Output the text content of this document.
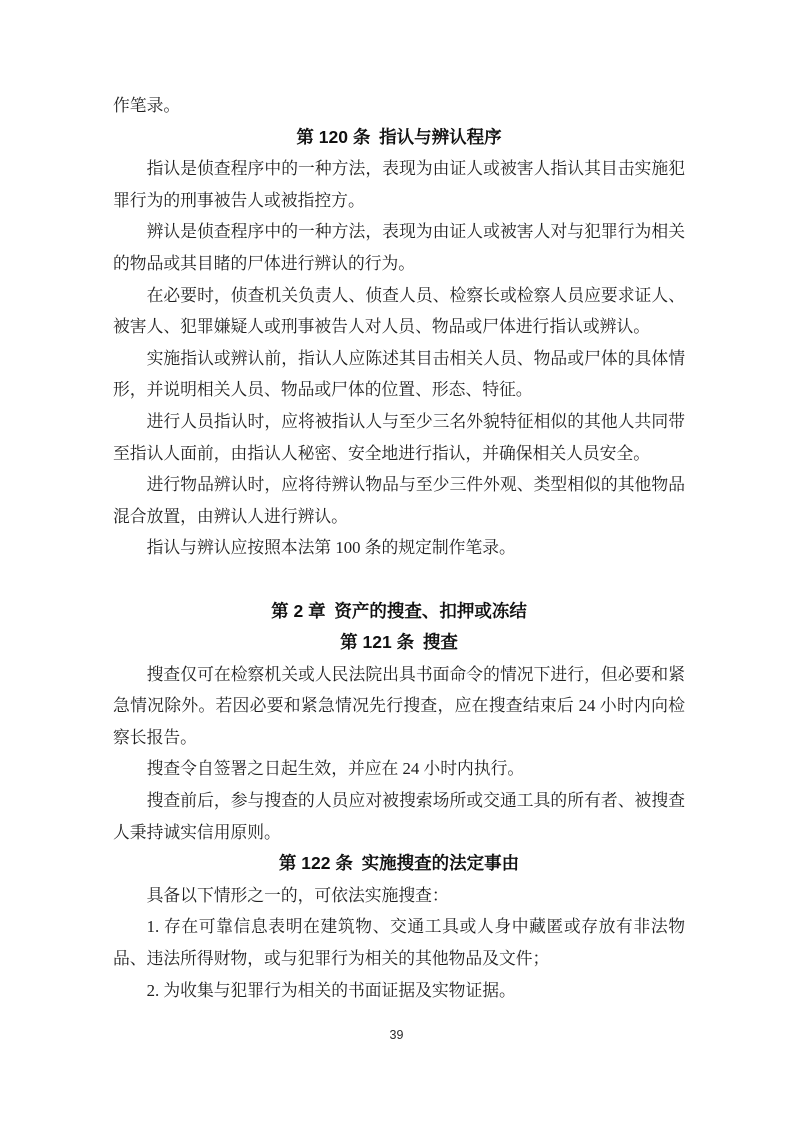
作笔录。

第 120 条 指认与辨认程序

指认是侦查程序中的一种方法，表现为由证人或被害人指认其目击实施犯罪行为的刑事被告人或被指控方。

辨认是侦查程序中的一种方法，表现为由证人或被害人对与犯罪行为相关的物品或其目睹的尸体进行辨认的行为。

在必要时，侦查机关负责人、侦查人员、检察长或检察人员应要求证人、被害人、犯罪嫌疑人或刑事被告人对人员、物品或尸体进行指认或辨认。

实施指认或辨认前，指认人应陈述其目击相关人员、物品或尸体的具体情形，并说明相关人员、物品或尸体的位置、形态、特征。

进行人员指认时，应将被指认人与至少三名外貌特征相似的其他人共同带至指认人面前，由指认人秘密、安全地进行指认，并确保相关人员安全。

进行物品辨认时，应将待辨认物品与至少三件外观、类型相似的其他物品混合放置，由辨认人进行辨认。

指认与辨认应按照本法第 100 条的规定制作笔录。

第 2 章 资产的搜查、扣押或冻结
第 121 条 搜查

搜查仅可在检察机关或人民法院出具书面命令的情况下进行，但必要和紧急情况除外。若因必要和紧急情况先行搜查，应在搜查结束后 24 小时内向检察长报告。

搜查令自签署之日起生效，并应在 24 小时内执行。

搜查前后，参与搜查的人员应对被搜索场所或交通工具的所有者、被搜查人秉持诚实信用原则。

第 122 条 实施搜查的法定事由

具备以下情形之一的，可依法实施搜查：

1. 存在可靠信息表明在建筑物、交通工具或人身中藏匿或存放有非法物品、违法所得财物，或与犯罪行为相关的其他物品及文件；

2. 为收集与犯罪行为相关的书面证据及实物证据。

39
